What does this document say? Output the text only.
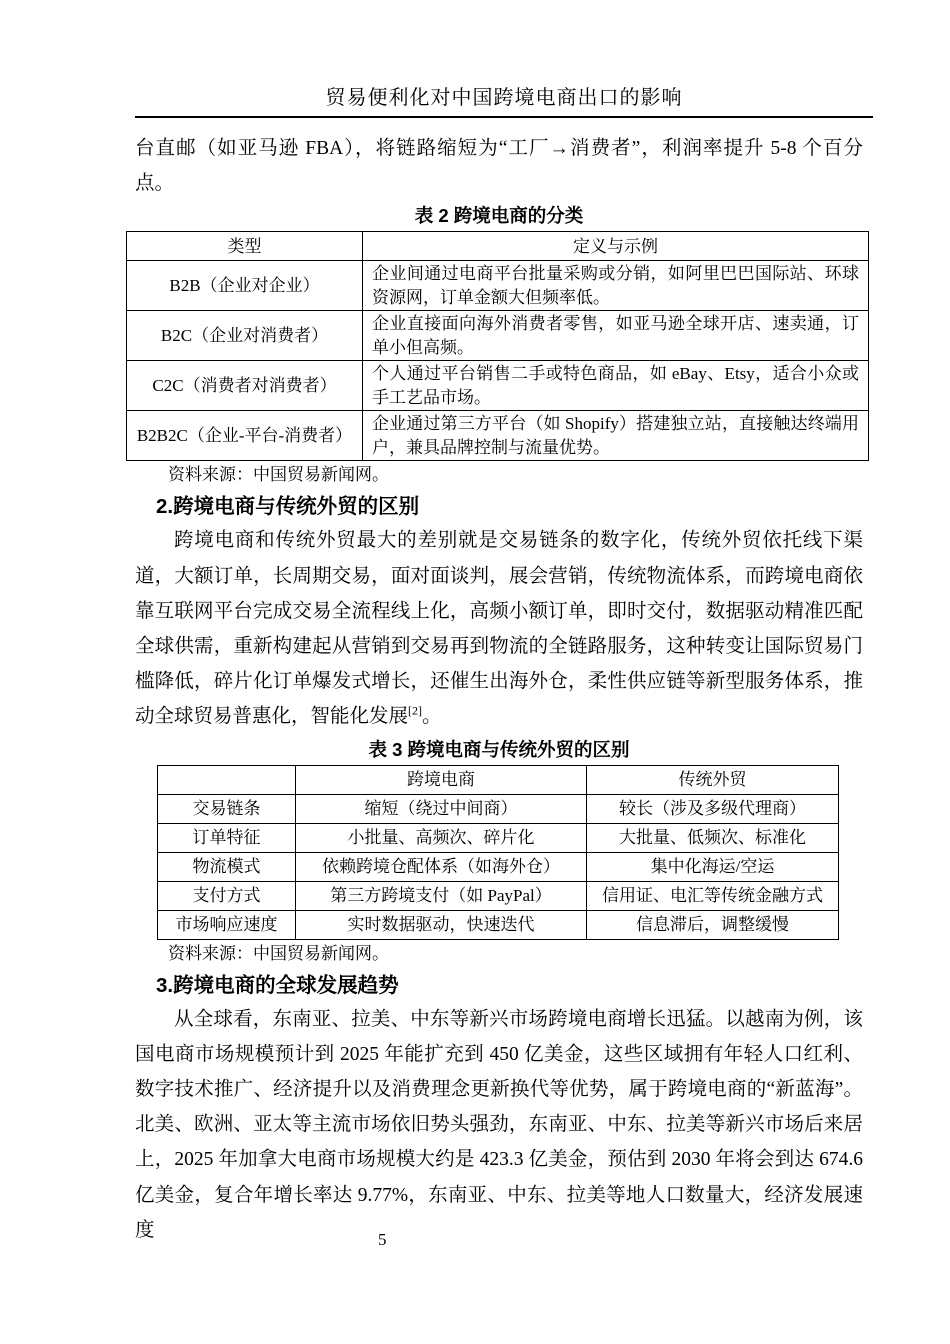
贸易便利化对中国跨境电商出口的影响

台直邮（如亚马逊 FBA），将链路缩短为“工厂→消费者”，利润率提升 5-8 个百分点。

表 2 跨境电商的分类
类型	定义与示例
B2B（企业对企业）	企业间通过电商平台批量采购或分销，如阿里巴巴国际站、环球资源网，订单金额大但频率低。
B2C（企业对消费者）	企业直接面向海外消费者零售，如亚马逊全球开店、速卖通，订单小但高频。
C2C（消费者对消费者）	个人通过平台销售二手或特色商品，如 eBay、Etsy，适合小众或手工艺品市场。
B2B2C（企业-平台-消费者）	企业通过第三方平台（如 Shopify）搭建独立站，直接触达终端用户，兼具品牌控制与流量优势。
资料来源：中国贸易新闻网。
2.跨境电商与传统外贸的区别

跨境电商和传统外贸最大的差别就是交易链条的数字化，传统外贸依托线下渠道，大额订单，长周期交易，面对面谈判，展会营销，传统物流体系，而跨境电商依靠互联网平台完成交易全流程线上化，高频小额订单，即时交付，数据驱动精准匹配全球供需，重新构建起从营销到交易再到物流的全链路服务，这种转变让国际贸易门槛降低，碎片化订单爆发式增长，还催生出海外仓，柔性供应链等新型服务体系，推动全球贸易普惠化，智能化发展[2]。

表 3 跨境电商与传统外贸的区别
	跨境电商	传统外贸
交易链条	缩短（绕过中间商）	较长（涉及多级代理商）
订单特征	小批量、高频次、碎片化	大批量、低频次、标准化
物流模式	依赖跨境仓配体系（如海外仓）	集中化海运/空运
支付方式	第三方跨境支付（如 PayPal）	信用证、电汇等传统金融方式
市场响应速度	实时数据驱动，快速迭代	信息滞后，调整缓慢
资料来源：中国贸易新闻网。
3.跨境电商的全球发展趋势

从全球看，东南亚、拉美、中东等新兴市场跨境电商增长迅猛。以越南为例，该国电商市场规模预计到 2025 年能扩充到 450 亿美金，这些区域拥有年轻人口红利、数字技术推广、经济提升以及消费理念更新换代等优势，属于跨境电商的“新蓝海”。北美、欧洲、亚太等主流市场依旧势头强劲，东南亚、中东、拉美等新兴市场后来居上，2025 年加拿大电商市场规模大约是 423.3 亿美金，预估到 2030 年将会到达 674.6 亿美金，复合年增长率达 9.77%，东南亚、中东、拉美等地人口数量大，经济发展速度	5
